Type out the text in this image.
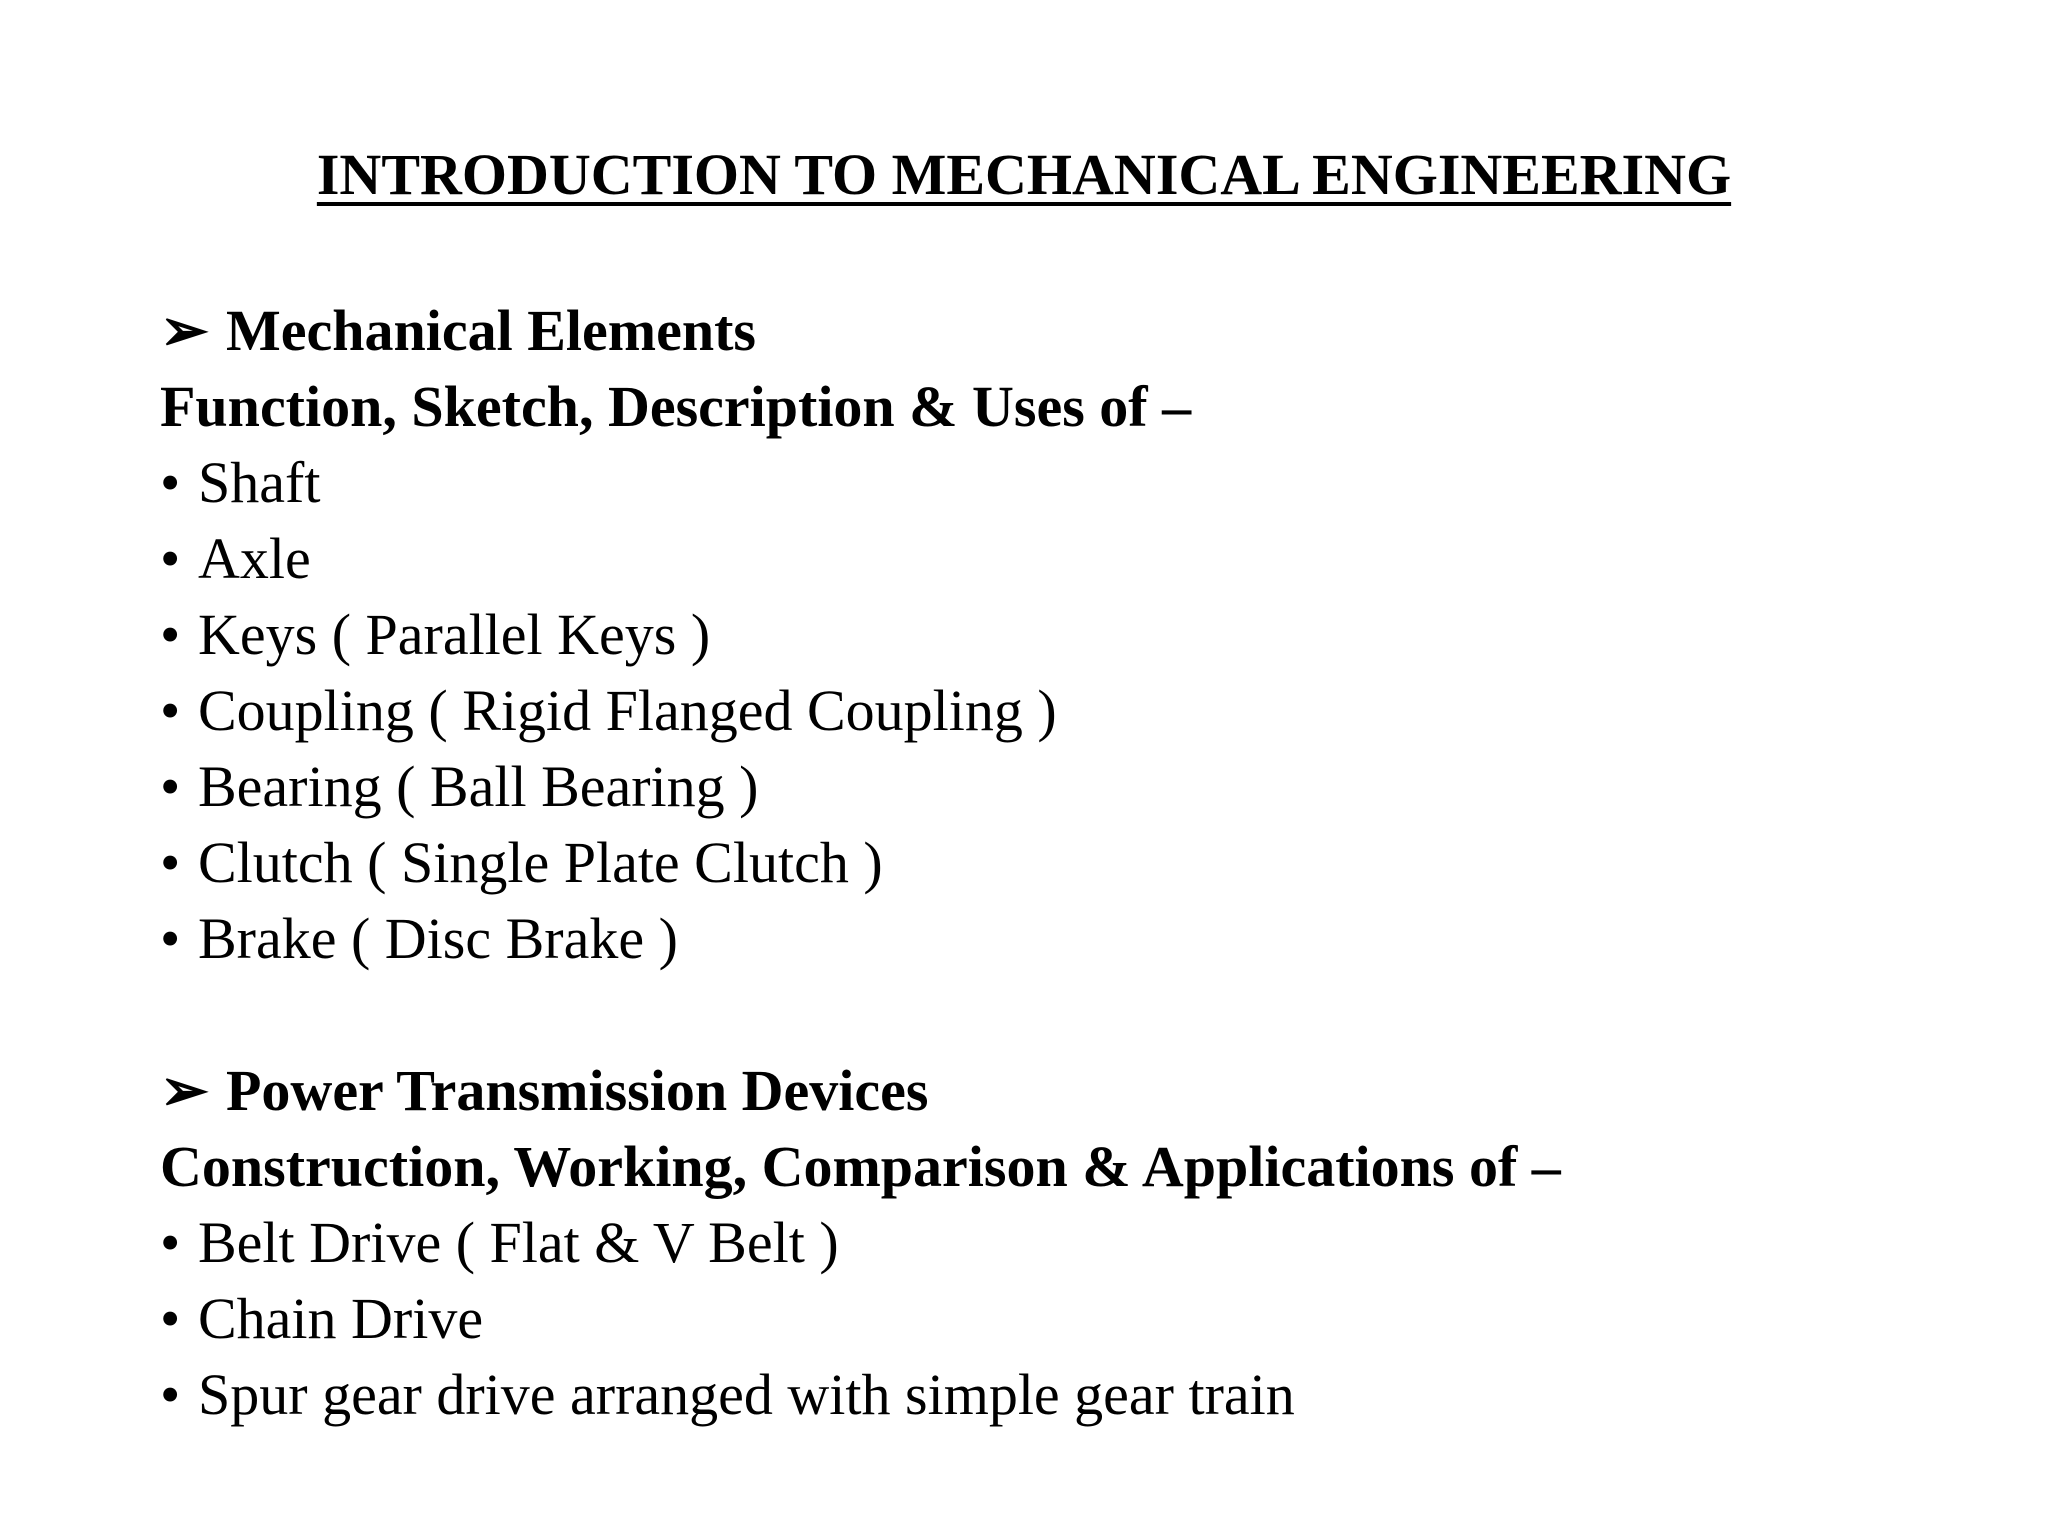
INTRODUCTION TO MECHANICAL ENGINEERING
➢ Mechanical Elements
Function, Sketch, Description & Uses of –
• Shaft
• Axle
• Keys ( Parallel Keys )
• Coupling ( Rigid Flanged Coupling )
• Bearing ( Ball Bearing )
• Clutch ( Single Plate Clutch )
• Brake ( Disc Brake )
➢ Power Transmission Devices
Construction, Working, Comparison & Applications of –
• Belt Drive ( Flat & V Belt )
• Chain Drive
• Spur gear drive arranged with simple gear train
